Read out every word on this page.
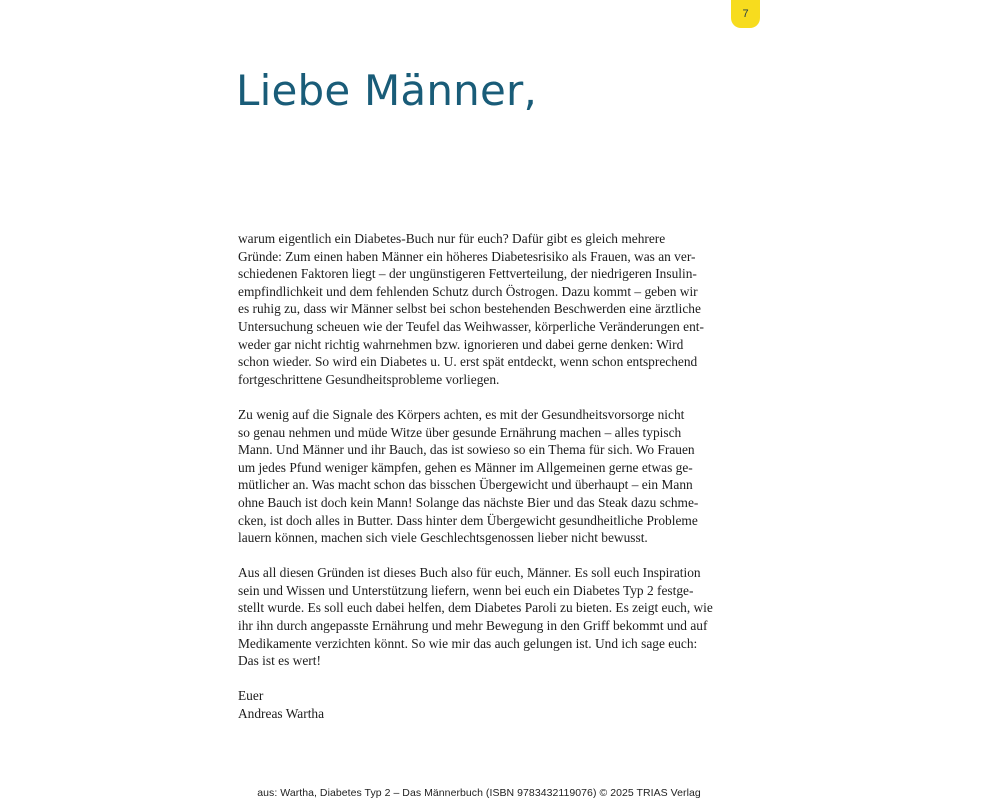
7
Liebe Männer,

warum eigentlich ein Diabetes-Buch nur für euch? Dafür gibt es gleich mehrere
Gründe: Zum einen haben Männer ein höheres Diabetesrisiko als Frauen, was an ver-
schiedenen Faktoren liegt – der ungünstigeren Fettverteilung, der niedrigeren Insulin-
empfindlichkeit und dem fehlenden Schutz durch Östrogen. Dazu kommt – geben wir
es ruhig zu, dass wir Männer selbst bei schon bestehenden Beschwerden eine ärztliche
Untersuchung scheuen wie der Teufel das Weihwasser, körperliche Veränderungen ent-
weder gar nicht richtig wahrnehmen bzw. ignorieren und dabei gerne denken: Wird
schon wieder. So wird ein Diabetes u. U. erst spät entdeckt, wenn schon entsprechend
fortgeschrittene Gesundheitsprobleme vorliegen.

Zu wenig auf die Signale des Körpers achten, es mit der Gesundheitsvorsorge nicht
so genau nehmen und müde Witze über gesunde Ernährung machen – alles typisch
Mann. Und Männer und ihr Bauch, das ist sowieso so ein Thema für sich. Wo Frauen
um jedes Pfund weniger kämpfen, gehen es Männer im Allgemeinen gerne etwas ge-
mütlicher an. Was macht schon das bisschen Übergewicht und überhaupt – ein Mann
ohne Bauch ist doch kein Mann! Solange das nächste Bier und das Steak dazu schme-
cken, ist doch alles in Butter. Dass hinter dem Übergewicht gesundheitliche Probleme
lauern können, machen sich viele Geschlechtsgenossen lieber nicht bewusst.

Aus all diesen Gründen ist dieses Buch also für euch, Männer. Es soll euch Inspiration
sein und Wissen und Unterstützung liefern, wenn bei euch ein Diabetes Typ 2 festge-
stellt wurde. Es soll euch dabei helfen, dem Diabetes Paroli zu bieten. Es zeigt euch, wie
ihr ihn durch angepasste Ernährung und mehr Bewegung in den Griff bekommt und auf
Medikamente verzichten könnt. So wie mir das auch gelungen ist. Und ich sage euch:
Das ist es wert!

Euer
Andreas Wartha

aus: Wartha, Diabetes Typ 2 – Das Männerbuch (ISBN 9783432119076) © 2025 TRIAS Verlag
